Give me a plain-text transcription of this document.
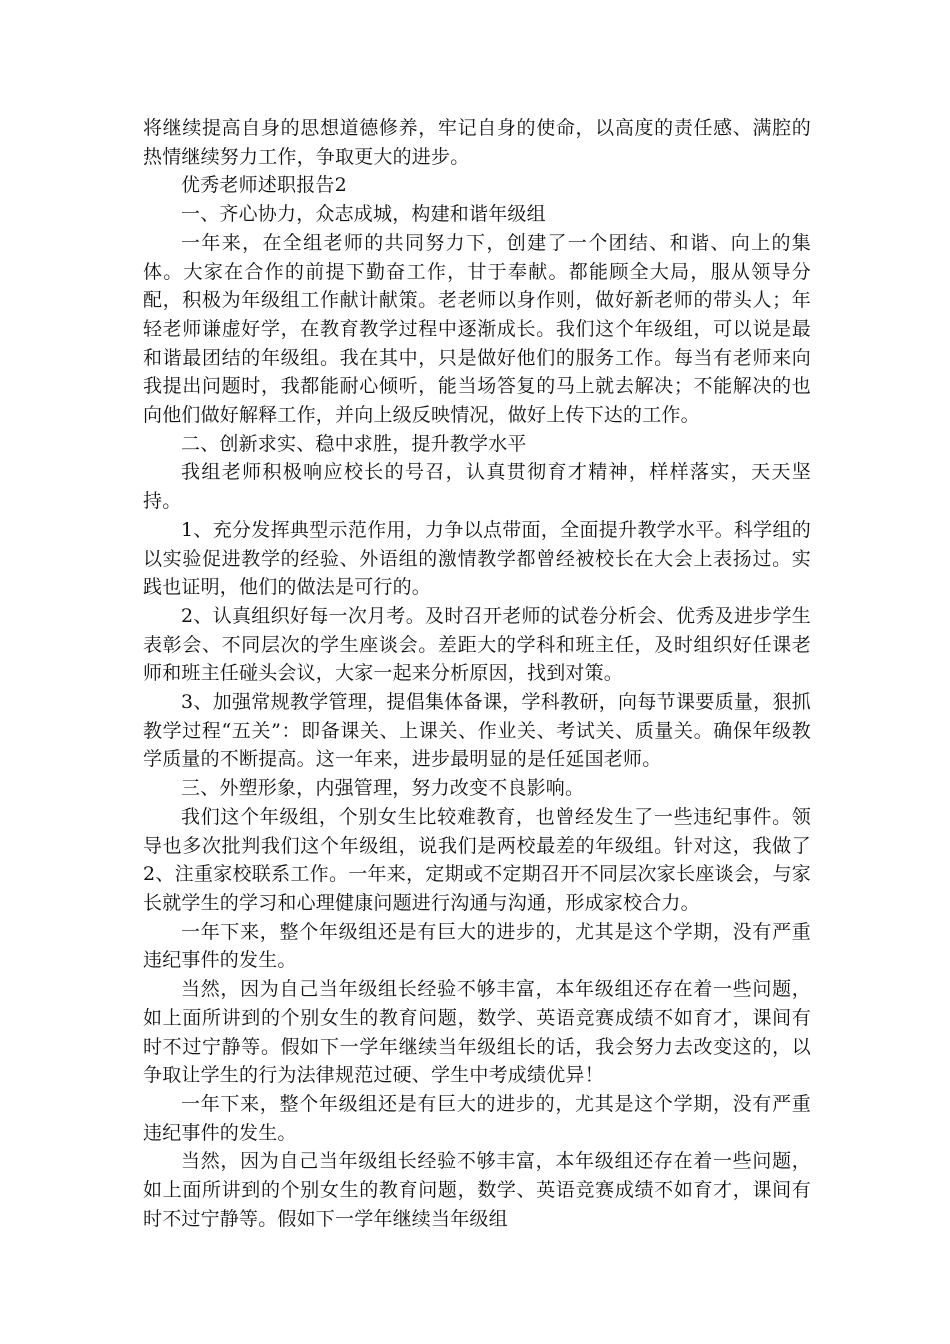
将继续提高自身的思想道德修养，牢记自身的使命，以高度的责任感、满腔的热情继续努力工作，争取更大的进步。

优秀老师述职报告2

一、齐心协力，众志成城，构建和谐年级组

一年来，在全组老师的共同努力下，创建了一个团结、和谐、向上的集体。大家在合作的前提下勤奋工作，甘于奉献。都能顾全大局，服从领导分配，积极为年级组工作献计献策。老老师以身作则，做好新老师的带头人；年轻老师谦虚好学，在教育教学过程中逐渐成长。我们这个年级组，可以说是最和谐最团结的年级组。我在其中，只是做好他们的服务工作。每当有老师来向我提出问题时，我都能耐心倾听，能当场答复的马上就去解决；不能解决的也向他们做好解释工作，并向上级反映情况，做好上传下达的工作。

二、创新求实、稳中求胜，提升教学水平

我组老师积极响应校长的号召，认真贯彻育才精神，样样落实，天天坚持。

1、充分发挥典型示范作用，力争以点带面，全面提升教学水平。科学组的以实验促进教学的经验、外语组的激情教学都曾经被校长在大会上表扬过。实践也证明，他们的做法是可行的。

2、认真组织好每一次月考。及时召开老师的试卷分析会、优秀及进步学生表彰会、不同层次的学生座谈会。差距大的学科和班主任，及时组织好任课老师和班主任碰头会议，大家一起来分析原因，找到对策。

3、加强常规教学管理，提倡集体备课，学科教研，向每节课要质量，狠抓教学过程“五关”：即备课关、上课关、作业关、考试关、质量关。确保年级教学质量的不断提高。这一年来，进步最明显的是任延国老师。

三、外塑形象，内强管理，努力改变不良影响。

我们这个年级组，个别女生比较难教育，也曾经发生了一些违纪事件。领导也多次批判我们这个年级组，说我们是两校最差的年级组。针对这，我做了2、注重家校联系工作。一年来，定期或不定期召开不同层次家长座谈会，与家长就学生的学习和心理健康问题进行沟通与沟通，形成家校合力。

一年下来，整个年级组还是有巨大的进步的，尤其是这个学期，没有严重违纪事件的发生。

当然，因为自己当年级组长经验不够丰富，本年级组还存在着一些问题，如上面所讲到的个别女生的教育问题，数学、英语竞赛成绩不如育才，课间有时不过宁静等。假如下一学年继续当年级组长的话，我会努力去改变这的，以争取让学生的行为法律规范过硬、学生中考成绩优异！

一年下来，整个年级组还是有巨大的进步的，尤其是这个学期，没有严重违纪事件的发生。

当然，因为自己当年级组长经验不够丰富，本年级组还存在着一些问题，如上面所讲到的个别女生的教育问题，数学、英语竞赛成绩不如育才，课间有时不过宁静等。假如下一学年继续当年级组
